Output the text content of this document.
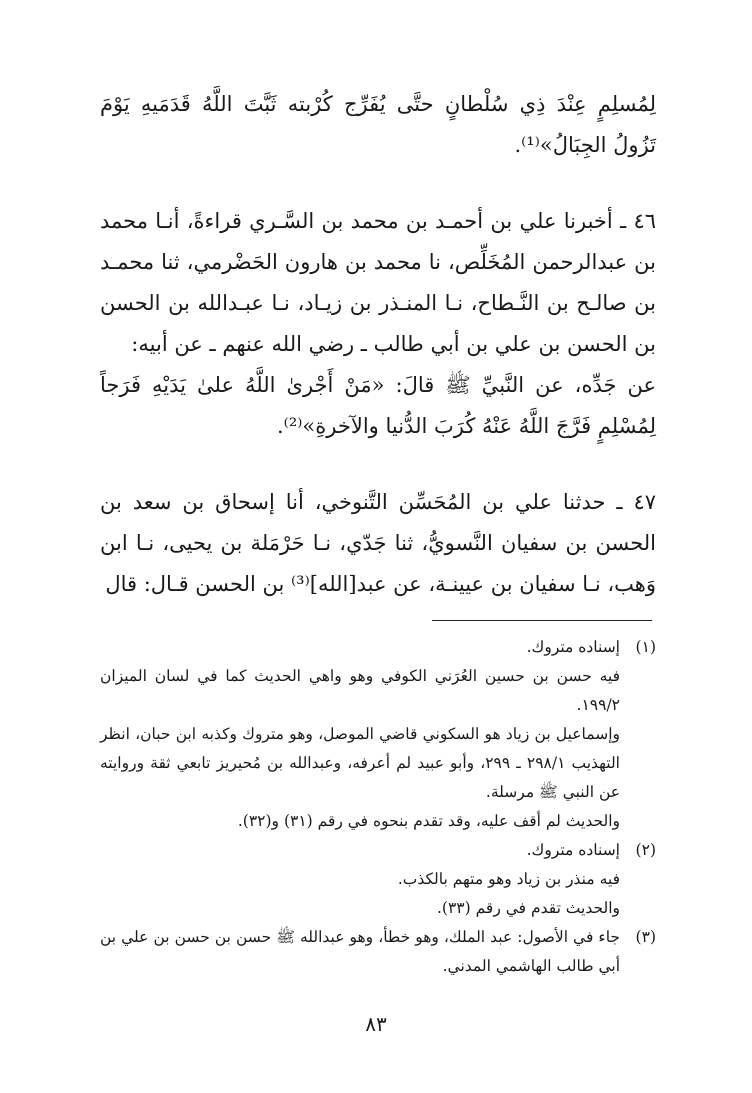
لِمُسلِمٍ عِنْدَ ذِي سُلْطانٍ حتَّى يُفَرِّج كُرْبته ثَبَّتَ اللَّهُ قَدَمَيهِ يَوْمَ تَزُولُ الجِبَالُ»⁽¹⁾.

٤٦ ـ أخبرنا علي بن أحمـد بن محمد بن السَّـري قراءةً، أنـا محمد بن عبدالرحمن المُخَلِّص، نا محمد بن هارون الحَضْرمي، ثنا محمـد بن صالـح بن النَّـطاح، نـا المنـذر بن زيـاد، نـا عبـدالله بن الحسن بن الحسن بن علي بن أبي طالب ـ رضي الله عنهم ـ عن أبيه:

عن جَدِّه، عن النَّبيِّ ﷺ قالَ: «مَنْ أَجْرىٰ اللَّهُ علىٰ يَدَيْهِ فَرَجاً لِمُسْلِمٍ فَرَّجَ اللَّهُ عَنْهُ كُرَبَ الدُّنيا والآخرةِ»⁽²⁾.

٤٧ ـ حدثنا علي بن المُحَسِّن التَّنوخي، أنا إسحاق بن سعد بن الحسن بن سفيان النَّسويُّ، ثنا جَدّي، نـا حَرْمَلة بن يحيى، نـا ابن وَهب، نـا سفيان بن عيينـة، عن عبد[الله]⁽³⁾ بن الحسن قـال: قال

(١)

إسناده متروك.

فيه حسن بن حسين العُرَني الكوفي وهو واهي الحديث كما في لسان الميزان ١٩٩/٢.

وإسماعيل بن زياد هو السكوني قاضي الموصل، وهو متروك وكذبه ابن حبان، انظر التهذيب ٢٩٨/١ ـ ٢٩٩، وأبو عبيد لم أعرفه، وعبدالله بن مُحيريز تابعي ثقة وروايته عن النبي ﷺ مرسلة.

والحديث لم أقف عليه، وقد تقدم بنحوه في رقم (٣١) و(٣٢).

(٢)

إسناده متروك.

فيه منذر بن زياد وهو متهم بالكذب.

والحديث تقدم في رقم (٣٣).

(٣)

جاء في الأصول: عبد الملك، وهو خطأ، وهو عبدالله ﷺ حسن بن حسن بن علي بن أبي طالب الهاشمي المدني.

٨٣
